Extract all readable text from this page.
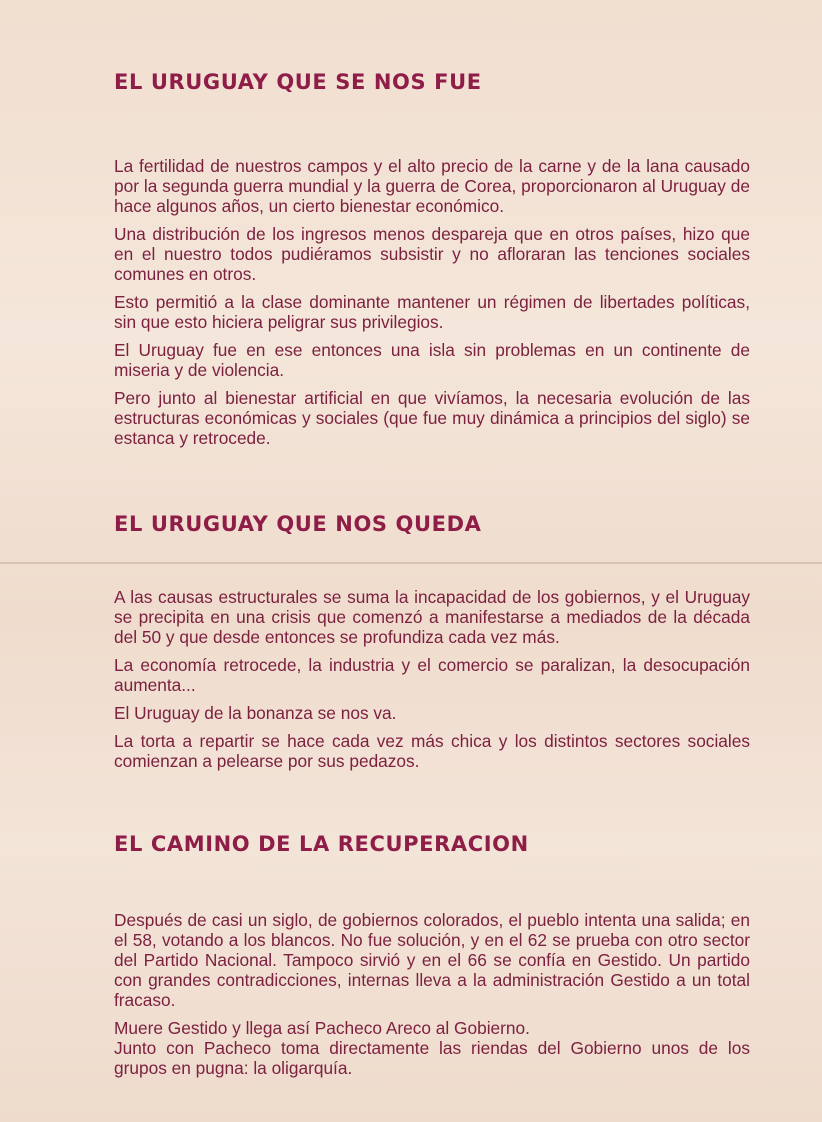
EL URUGUAY QUE SE NOS FUE

La fertilidad de nuestros campos y el alto precio de la carne y de la lana causado por la segunda guerra mundial y la guerra de Corea, proporcionaron al Uruguay de hace algunos años, un cierto bienestar económico.

Una distribución de los ingresos menos despareja que en otros países, hizo que en el nuestro todos pudiéramos subsistir y no afloraran las tenciones sociales comunes en otros.

Esto permitió a la clase dominante mantener un régimen de libertades políticas, sin que esto hiciera peligrar sus privilegios.

El Uruguay fue en ese entonces una isla sin problemas en un continente de miseria y de violencia.

Pero junto al bienestar artificial en que vivíamos, la necesaria evolución de las estructuras económicas y sociales (que fue muy dinámica a principios del siglo) se estanca y retrocede.

EL URUGUAY QUE NOS QUEDA

A las causas estructurales se suma la incapacidad de los gobiernos, y el Uruguay se precipita en una crisis que comenzó a manifestarse a mediados de la década del 50 y que desde entonces se profundiza cada vez más.

La economía retrocede, la industria y el comercio se paralizan, la desocupación aumenta...

El Uruguay de la bonanza se nos va.

La torta a repartir se hace cada vez más chica y los distintos sectores sociales comienzan a pelearse por sus pedazos.

EL CAMINO DE LA RECUPERACION

Después de casi un siglo, de gobiernos colorados, el pueblo intenta una salida; en el 58, votando a los blancos. No fue solución, y en el 62 se prueba con otro sector del Partido Nacional. Tampoco sirvió y en el 66 se confía en Gestido. Un partido con grandes contradicciones, internas lleva a la administración Gestido a un total fracaso.

Muere Gestido y llega así Pacheco Areco al Gobierno.

Junto con Pacheco toma directamente las riendas del Gobierno unos de los grupos en pugna: la oligarquía.
